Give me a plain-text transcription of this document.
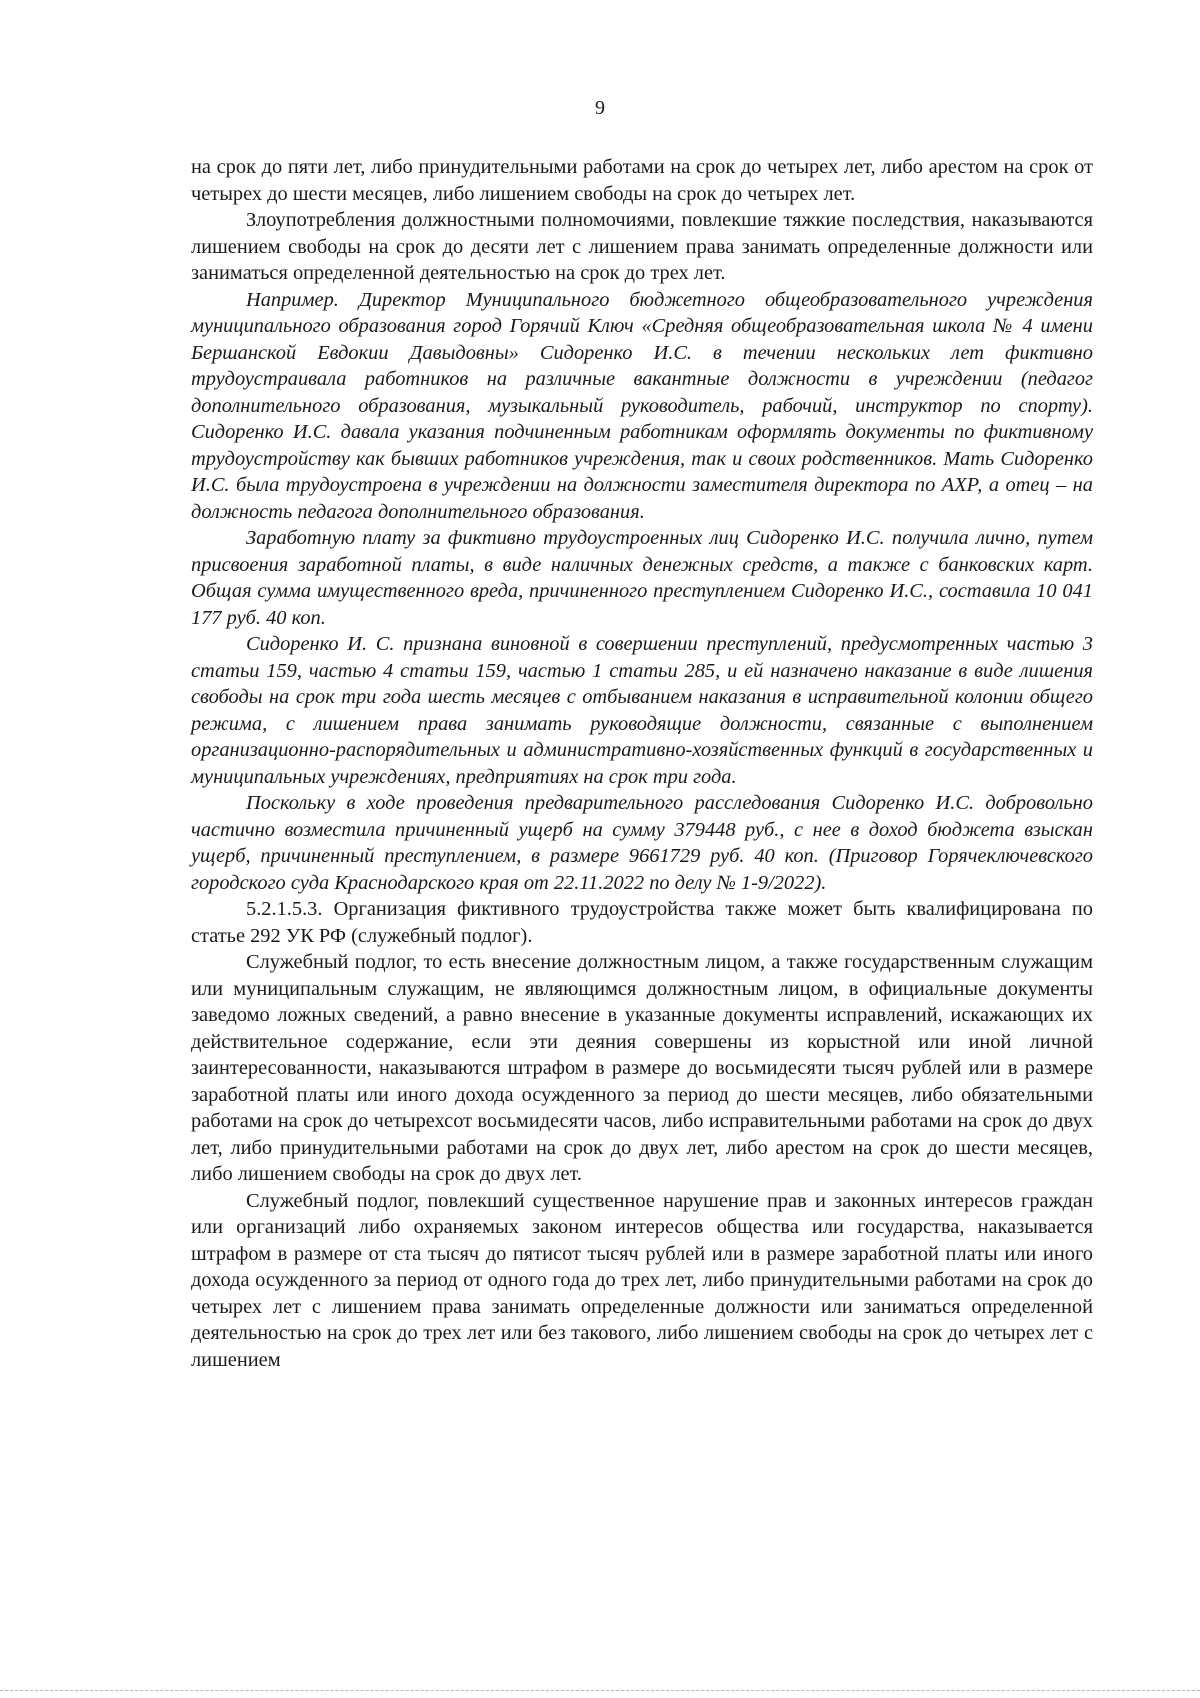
9

на срок до пяти лет, либо принудительными работами на срок до четырех лет, либо арестом на срок от четырех до шести месяцев, либо лишением свободы на срок до четырех лет.

Злоупотребления должностными полномочиями, повлекшие тяжкие последствия, наказываются лишением свободы на срок до десяти лет с лишением права занимать определенные должности или заниматься определенной деятельностью на срок до трех лет.

Например. Директор Муниципального бюджетного общеобразовательного учреждения муниципального образования город Горячий Ключ «Средняя общеобразовательная школа № 4 имени Бершанской Евдокии Давыдовны» Сидоренко И.С. в течении нескольких лет фиктивно трудоустраивала работников на различные вакантные должности в учреждении (педагог дополнительного образования, музыкальный руководитель, рабочий, инструктор по спорту). Сидоренко И.С. давала указания подчиненным работникам оформлять документы по фиктивному трудоустройству как бывших работников учреждения, так и своих родственников. Мать Сидоренко И.С. была трудоустроена в учреждении на должности заместителя директора по АХР, а отец – на должность педагога дополнительного образования.

Заработную плату за фиктивно трудоустроенных лиц Сидоренко И.С. получила лично, путем присвоения заработной платы, в виде наличных денежных средств, а также с банковских карт. Общая сумма имущественного вреда, причиненного преступлением Сидоренко И.С., составила 10 041 177 руб. 40 коп.

Сидоренко И. С. признана виновной в совершении преступлений, предусмотренных частью 3 статьи 159, частью 4 статьи 159, частью 1 статьи 285, и ей назначено наказание в виде лишения свободы на срок три года шесть месяцев с отбыванием наказания в исправительной колонии общего режима, с лишением права занимать руководящие должности, связанные с выполнением организационно-распорядительных и административно-хозяйственных функций в государственных и муниципальных учреждениях, предприятиях на срок три года.

Поскольку в ходе проведения предварительного расследования Сидоренко И.С. добровольно частично возместила причиненный ущерб на сумму 379448 руб., с нее в доход бюджета взыскан ущерб, причиненный преступлением, в размере 9661729 руб. 40 коп. (Приговор Горячеключевского городского суда Краснодарского края от 22.11.2022 по делу № 1-9/2022).

5.2.1.5.3. Организация фиктивного трудоустройства также может быть квалифицирована по статье 292 УК РФ (служебный подлог).

Служебный подлог, то есть внесение должностным лицом, а также государственным служащим или муниципальным служащим, не являющимся должностным лицом, в официальные документы заведомо ложных сведений, а равно внесение в указанные документы исправлений, искажающих их действительное содержание, если эти деяния совершены из корыстной или иной личной заинтересованности, наказываются штрафом в размере до восьмидесяти тысяч рублей или в размере заработной платы или иного дохода осужденного за период до шести месяцев, либо обязательными работами на срок до четырехсот восьмидесяти часов, либо исправительными работами на срок до двух лет, либо принудительными работами на срок до двух лет, либо арестом на срок до шести месяцев, либо лишением свободы на срок до двух лет.

Служебный подлог, повлекший существенное нарушение прав и законных интересов граждан или организаций либо охраняемых законом интересов общества или государства, наказывается штрафом в размере от ста тысяч до пятисот тысяч рублей или в размере заработной платы или иного дохода осужденного за период от одного года до трех лет, либо принудительными работами на срок до четырех лет с лишением права занимать определенные должности или заниматься определенной деятельностью на срок до трех лет или без такового, либо лишением свободы на срок до четырех лет с лишением
